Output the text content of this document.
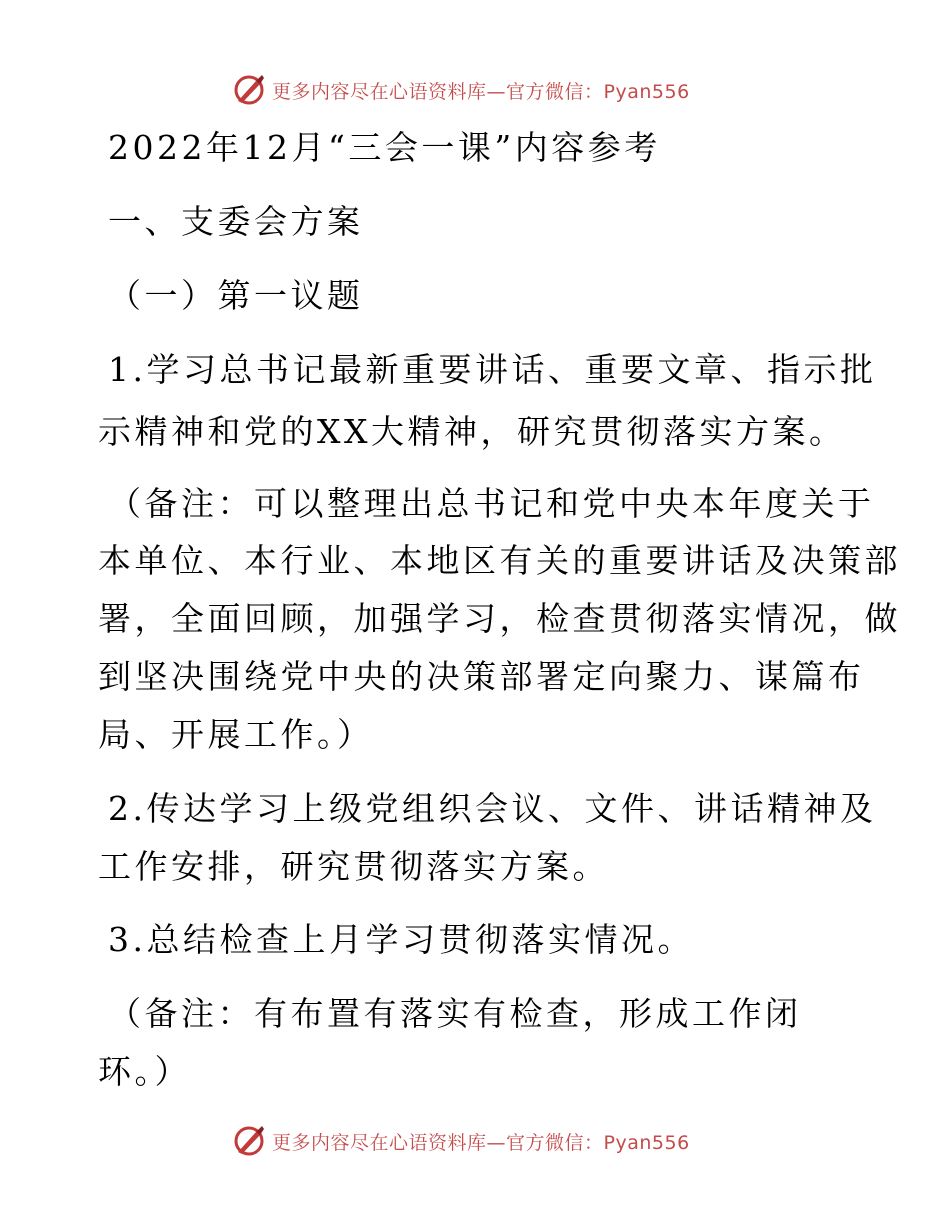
更多内容尽在心语资料库—官方微信：Pyan556
2022年12月“三会一课”内容参考
一、支委会方案
（一）第一议题
1.学习总书记最新重要讲话、重要文章、指示批
示精神和党的XX大精神，研究贯彻落实方案。
（备注：可以整理出总书记和党中央本年度关于
本单位、本行业、本地区有关的重要讲话及决策部
署，全面回顾，加强学习，检查贯彻落实情况，做
到坚决围绕党中央的决策部署定向聚力、谋篇布
局、开展工作。）
2.传达学习上级党组织会议、文件、讲话精神及
工作安排，研究贯彻落实方案。
3.总结检查上月学习贯彻落实情况。
（备注：有布置有落实有检查，形成工作闭
环。）
更多内容尽在心语资料库—官方微信：Pyan556
